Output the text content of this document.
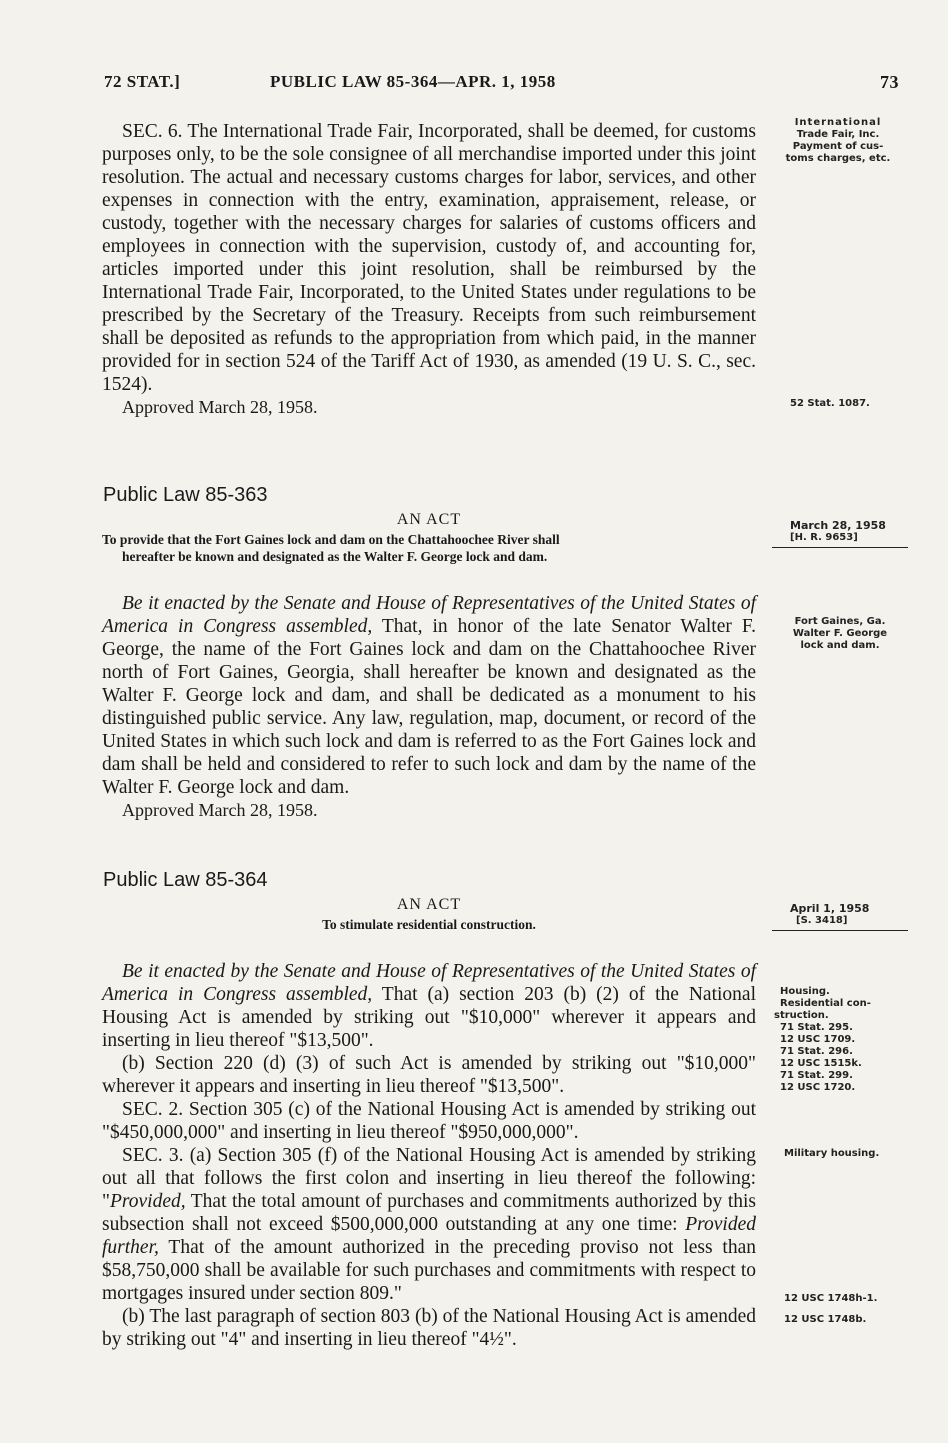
72 STAT.]	PUBLIC LAW 85-364—APR. 1, 1958	73

SEC. 6. The International Trade Fair, Incorporated, shall be deemed, for customs purposes only, to be the sole consignee of all merchandise imported under this joint resolution. The actual and necessary customs charges for labor, services, and other expenses in connection with the entry, examination, appraisement, release, or custody, together with the necessary charges for salaries of customs officers and employees in connection with the supervision, custody of, and accounting for, articles imported under this joint resolution, shall be reimbursed by the International Trade Fair, Incorporated, to the United States under regulations to be prescribed by the Secretary of the Treasury. Receipts from such reimbursement shall be deposited as refunds to the appropriation from which paid, in the manner provided for in section 524 of the Tariff Act of 1930, as amended (19 U. S. C., sec. 1524).

Approved March 28, 1958.

Public Law 85-363
AN ACT
To provide that the Fort Gaines lock and dam on the Chattahoochee River shall
hereafter be known and designated as the Walter F. George lock and dam.

Be it enacted by the Senate and House of Representatives of the United States of America in Congress assembled, That, in honor of the late Senator Walter F. George, the name of the Fort Gaines lock and dam on the Chattahoochee River north of Fort Gaines, Georgia, shall hereafter be known and designated as the Walter F. George lock and dam, and shall be dedicated as a monument to his distinguished public service. Any law, regulation, map, document, or record of the United States in which such lock and dam is referred to as the Fort Gaines lock and dam shall be held and considered to refer to such lock and dam by the name of the Walter F. George lock and dam.

Approved March 28, 1958.

Public Law 85-364
AN ACT
To stimulate residential construction.

Be it enacted by the Senate and House of Representatives of the United States of America in Congress assembled, That (a) section 203 (b) (2) of the National Housing Act is amended by striking out "$10,000" wherever it appears and inserting in lieu thereof "$13,500".

(b) Section 220 (d) (3) of such Act is amended by striking out "$10,000" wherever it appears and inserting in lieu thereof "$13,500".

SEC. 2. Section 305 (c) of the National Housing Act is amended by striking out "$450,000,000" and inserting in lieu thereof "$950,000,000".

SEC. 3. (a) Section 305 (f) of the National Housing Act is amended by striking out all that follows the first colon and inserting in lieu thereof the following: "Provided, That the total amount of purchases and commitments authorized by this subsection shall not exceed $500,000,000 outstanding at any one time: Provided further, That of the amount authorized in the preceding proviso not less than $58,750,000 shall be available for such purchases and commitments with respect to mortgages insured under section 809."

(b) The last paragraph of section 803 (b) of the National Housing Act is amended by striking out "4" and inserting in lieu thereof "4½".

International
Trade Fair, Inc.
Payment of cus-
toms charges, etc.
52 Stat. 1087.
March 28, 1958
[H. R. 9653]
Fort Gaines, Ga.
Walter F. George
lock and dam.
April 1, 1958
[S. 3418]
Housing.
Residential con-
struction.
71 Stat. 295.
12 USC 1709.
71 Stat. 296.
12 USC 1515k.
71 Stat. 299.
12 USC 1720.
Military housing.
12 USC 1748h-1.
12 USC 1748b.
